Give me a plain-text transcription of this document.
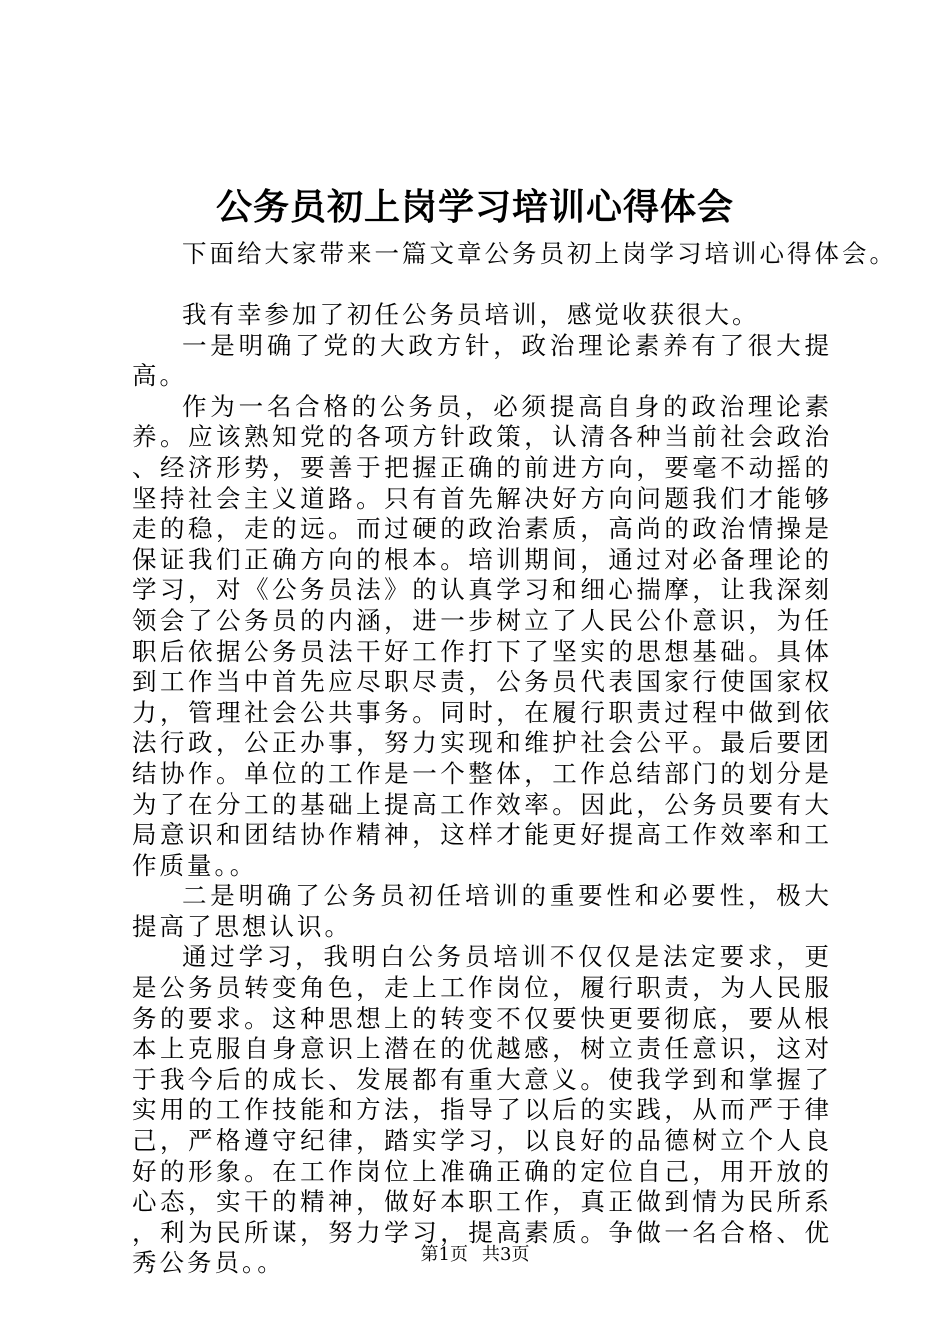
公务员初上岗学习培训心得体会
下面给大家带来一篇文章公务员初上岗学习培训心得体会。

我有幸参加了初任公务员培训，感觉收获很大。

一是明确了党的大政方针，政治理论素养有了很大提高。

作为一名合格的公务员，必须提高自身的政治理论素养。应该熟知党的各项方针政策，认清各种当前社会政治、经济形势，要善于把握正确的前进方向，要毫不动摇的坚持社会主义道路。只有首先解决好方向问题我们才能够走的稳，走的远。而过硬的政治素质，高尚的政治情操是保证我们正确方向的根本。培训期间，通过对必备理论的学习，对《公务员法》的认真学习和细心揣摩，让我深刻领会了公务员的内涵，进一步树立了人民公仆意识，为任职后依据公务员法干好工作打下了坚实的思想基础。具体到工作当中首先应尽职尽责，公务员代表国家行使国家权力，管理社会公共事务。同时，在履行职责过程中做到依法行政，公正办事，努力实现和维护社会公平。最后要团结协作。单位的工作是一个整体，工作总结部门的划分是为了在分工的基础上提高工作效率。因此，公务员要有大局意识和团结协作精神，这样才能更好提高工作效率和工作质量。。

二是明确了公务员初任培训的重要性和必要性，极大提高了思想认识。

通过学习，我明白公务员培训不仅仅是法定要求，更是公务员转变角色，走上工作岗位，履行职责，为人民服务的要求。这种思想上的转变不仅要快更要彻底，要从根本上克服自身意识上潜在的优越感，树立责任意识，这对于我今后的成长、发展都有重大意义。使我学到和掌握了实用的工作技能和方法，指导了以后的实践，从而严于律己，严格遵守纪律，踏实学习，以良好的品德树立个人良好的形象。在工作岗位上准确正确的定位自己，用开放的心态，实干的精神，做好本职工作，真正做到情为民所系，利为民所谋，努力学习，提高素质。争做一名合格、优秀公务员。。	第1页 共3页
